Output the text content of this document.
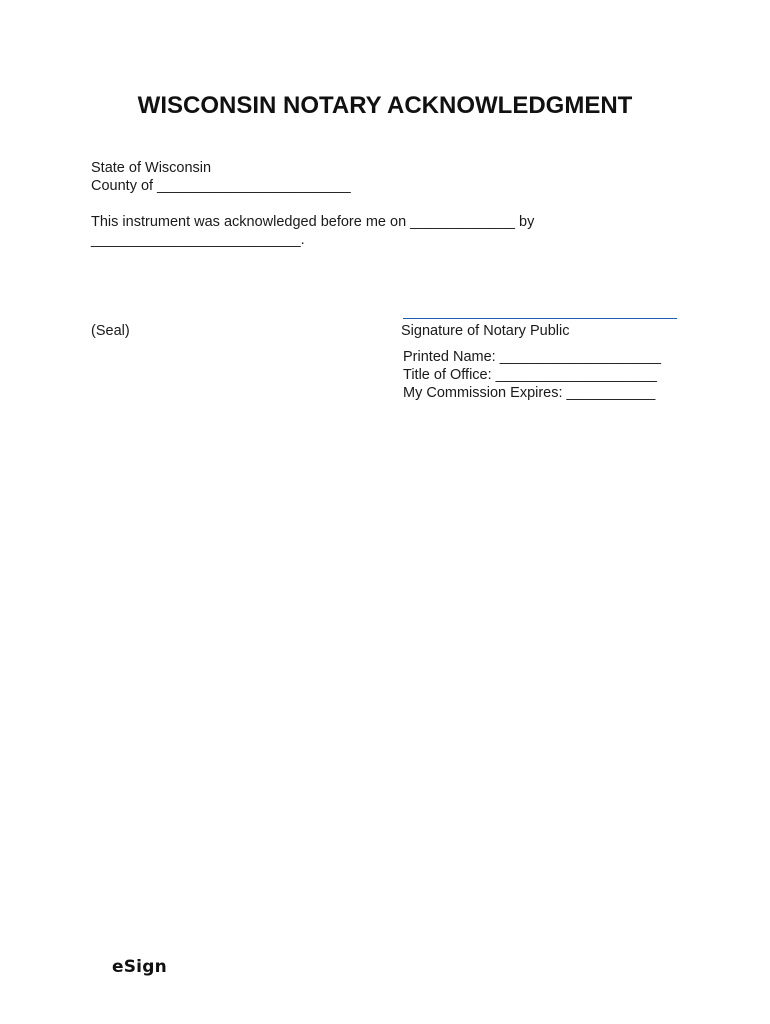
WISCONSIN NOTARY ACKNOWLEDGMENT
State of Wisconsin
County of ________________________
This instrument was acknowledged before me on _____________ by
__________________________.
(Seal)	Signature of Notary Public
Printed Name: ____________________
Title of Office: ____________________
My Commission Expires: ___________
eSign
